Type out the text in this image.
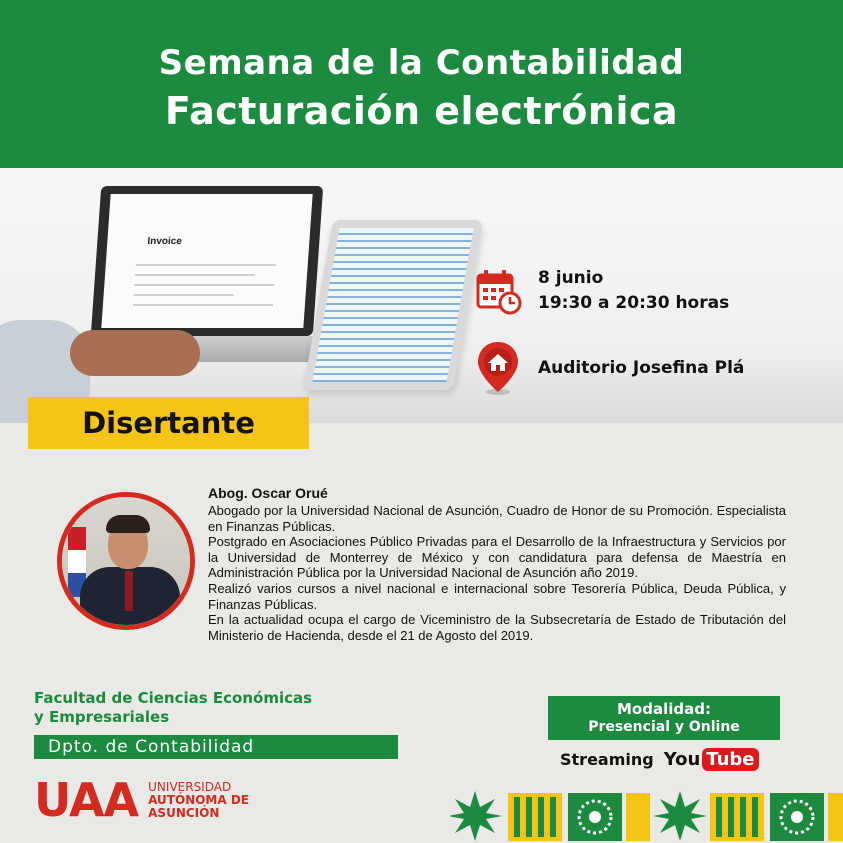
Semana de la Contabilidad
Facturación electrónica
Invoice
8 junio
19:30 a 20:30 horas
Auditorio Josefina Plá
Disertante
Abog. Oscar Orué

Abogado por la Universidad Nacional de Asunción, Cuadro de Honor de su Promoción. Especialista en Finanzas Públicas.

Postgrado en Asociaciones Público Privadas para el Desarrollo de la Infraestructura y Servicios por la Universidad de Monterrey de México y con candidatura para defensa de Maestría en Administración Pública por la Universidad Nacional de Asunción año 2019.

Realizó varios cursos a nivel nacional e internacional sobre Tesorería Pública, Deuda Pública, y Finanzas Públicas.

En la actualidad ocupa el cargo de Viceministro de la Subsecretaría de Estado de Tributación del Ministerio de Hacienda, desde el 21 de Agosto del 2019.

Facultad de Ciencias Económicas
y Empresariales
Dpto. de Contabilidad
UAA UNIVERSIDAD
AUTÓNOMA DE
ASUNCIÓN
Modalidad:
Presencial y Online
Streaming You Tube
